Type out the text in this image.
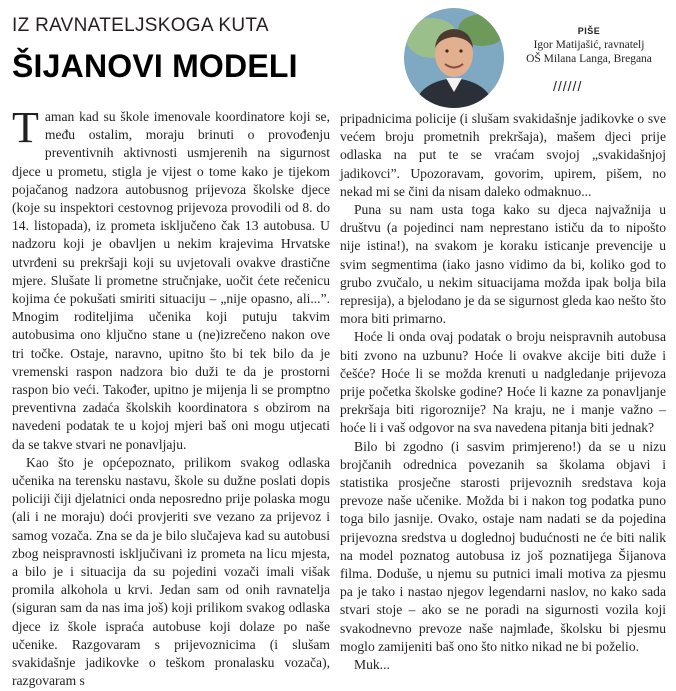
IZ RAVNATELJSKOGA KUTA
ŠIJANOVI MODELI
PIŠE
Igor Matijašić, ravnatelj
OŠ Milana Langa, Bregana
//////

Taman kad su škole imenovale koordinatore koji se, među ostalim, moraju brinuti o provođenju preventivnih aktivnosti usmjerenih na sigurnost djece u prometu, stigla je vijest o tome kako je tijekom pojačanog nadzora autobusnog prijevoza školske djece (koje su inspektori cestovnog prijevoza provodili od 8. do 14. listopada), iz prometa isključeno čak 13 autobusa. U nadzoru koji je obavljen u nekim krajevima Hrvatske utvrđeni su prekršaji koji su uvjetovali ovakve drastične mjere. Slušate li prometne stručnjake, uočit ćete rečenicu kojima će pokušati smiriti situaciju – „nije opasno, ali...”. Mnogim roditeljima učenika koji putuju takvim autobusima ono ključno stane u (ne)izrečeno nakon ove tri točke. Ostaje, naravno, upitno što bi tek bilo da je vremenski raspon nadzora bio duži te da je prostorni raspon bio veći. Također, upitno je mijenja li se promptno preventivna zadaća školskih koordinatora s obzirom na navedeni podatak te u kojoj mjeri baš oni mogu utjecati da se takve stvari ne ponavljaju.

Kao što je općepoznato, prilikom svakog odlaska učenika na terensku nastavu, škole su dužne poslati dopis policiji čiji djelatnici onda neposredno prije polaska mogu (ali i ne moraju) doći provjeriti sve vezano za prijevoz i samog vozača. Zna se da je bilo slučajeva kad su autobusi zbog neispravnosti isključivani iz prometa na licu mjesta, a bilo je i situacija da su pojedini vozači imali višak promila alkohola u krvi. Jedan sam od onih ravnatelja (siguran sam da nas ima još) koji prilikom svakog odlaska djece iz škole ispraća autobuse koji dolaze po naše učenike. Razgovaram s prijevoznicima (i slušam svakidašnje jadikovke o teškom pronalasku vozača), razgovaram s

pripadnicima policije (i slušam svakidašnje jadikovke o sve većem broju prometnih prekršaja), mašem djeci prije odlaska na put te se vraćam svojoj „svakidašnjoj jadikovci”. Upozoravam, govorim, upirem, pišem, no nekad mi se čini da nisam daleko odmaknuo...

Puna su nam usta toga kako su djeca najvažnija u društvu (a pojedinci nam neprestano ističu da to nipošto nije istina!), na svakom je koraku isticanje prevencije u svim segmentima (iako jasno vidimo da bi, koliko god to grubo zvučalo, u nekim situacijama možda ipak bolja bila represija), a bjelodano je da se sigurnost gleda kao nešto što mora biti primarno.

Hoće li onda ovaj podatak o broju neispravnih autobusa biti zvono na uzbunu? Hoće li ovakve akcije biti duže i češće? Hoće li se možda krenuti u nadgledanje prijevoza prije početka školske godine? Hoće li kazne za ponavljanje prekršaja biti rigoroznije? Na kraju, ne i manje važno – hoće li i vaš odgovor na sva navedena pitanja biti jednak?

Bilo bi zgodno (i sasvim primjereno!) da se u nizu brojčanih odrednica povezanih sa školama objavi i statistika prosječne starosti prijevoznih sredstava koja prevoze naše učenike. Možda bi i nakon tog podatka puno toga bilo jasnije. Ovako, ostaje nam nadati se da pojedina prijevozna sredstva u doglednoj budućnosti ne će biti nalik na model poznatog autobusa iz još poznatijega Šijanova filma. Doduše, u njemu su putnici imali motiva za pjesmu pa je tako i nastao njegov legendarni naslov, no kako sada stvari stoje – ako se ne poradi na sigurnosti vozila koji svakodnevno prevoze naše najmlađe, školsku bi pjesmu moglo zamijeniti baš ono što nitko nikad ne bi poželio.

Muk...
